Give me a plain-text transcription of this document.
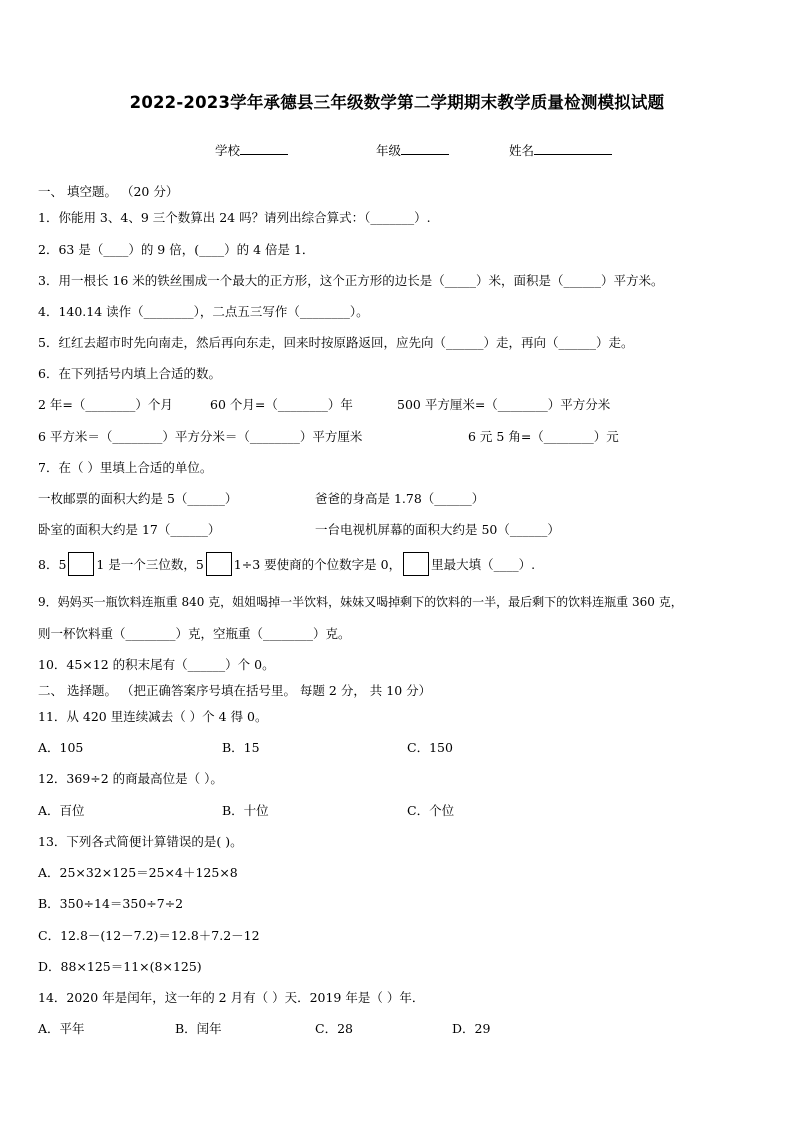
2022-2023学年承德县三年级数学第二学期期末教学质量检测模拟试题
学校	年级	姓名
一、 填空题。 （20 分）
1．你能用 3、4、9 三个数算出 24 吗？请列出综合算式：（_______）.
2．63 是（____）的 9 倍，(____）的 4 倍是 1．
3．用一根长 16 米的铁丝围成一个最大的正方形，这个正方形的边长是（_____）米，面积是（______）平方米。
4．140.14 读作（________），二点五三写作（________）。
5．红红去超市时先向南走，然后再向东走，回来时按原路返回，应先向（______）走，再向（______）走。
6．在下列括号内填上合适的数。
2 年=（________）个月	60 个月=（________）年	500 平方厘米=（________）平方分米
6 平方米＝（________）平方分米＝（________）平方厘米	6 元 5 角=（________）元
7．在（ ）里填上合适的单位。
一枚邮票的面积大约是 5（______）	爸爸的身高是 1.78（______）
卧室的面积大约是 17（______）	一台电视机屏幕的面积大约是 50（______）
8．5 1 是一个三位数，5 1÷3 要使商的个位数字是 0， 里最大填（____）.
9．妈妈买一瓶饮料连瓶重 840 克，姐姐喝掉一半饮料，妹妹又喝掉剩下的饮料的一半，最后剩下的饮料连瓶重 360 克，
则一杯饮料重（________）克，空瓶重（________）克。
10．45×12 的积末尾有（______）个 0。
二、 选择题。 （把正确答案序号填在括号里。 每题 2 分， 共 10 分）
11．从 420 里连续减去（ ）个 4 得 0。
A．105	B．15	C．150
12．369÷2 的商最高位是（ ）。
A．百位	B．十位	C．个位
13．下列各式简便计算错误的是( )。
A．25×32×125＝25×4＋125×8
B．350÷14＝350÷7÷2
C．12.8－(12－7.2)＝12.8＋7.2－12
D．88×125＝11×(8×125)
14．2020 年是闰年，这一年的 2 月有（ ）天．2019 年是（ ）年．
A．平年	B．闰年	C．28	D．29
